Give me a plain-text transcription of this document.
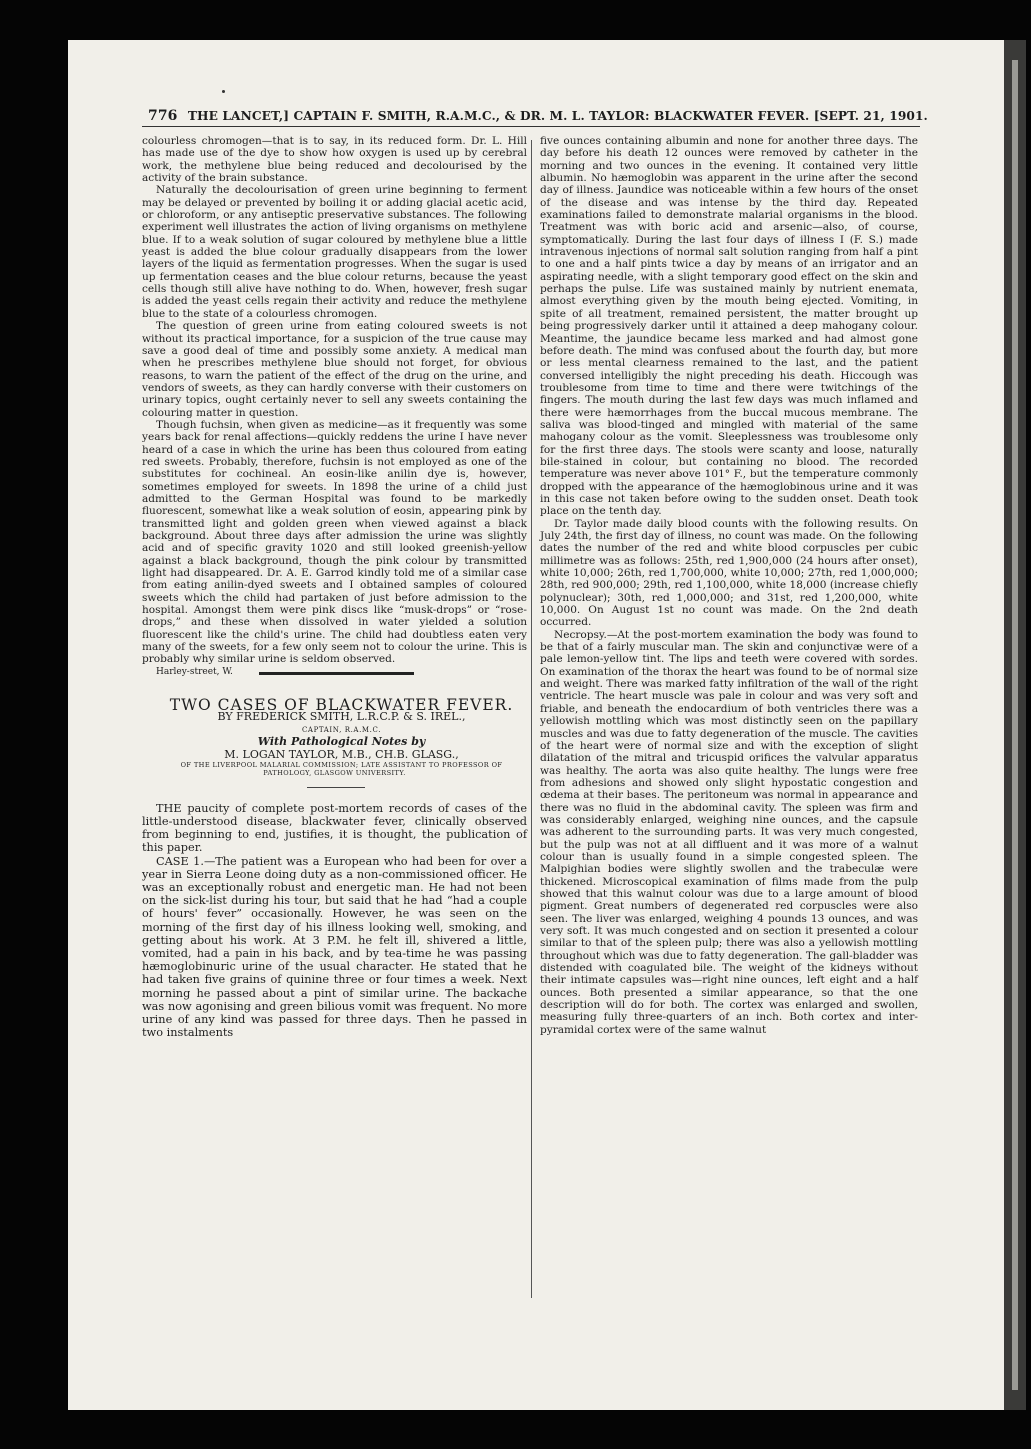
776 THE LANCET,] CAPTAIN F. SMITH, R.A.M.C., & DR. M. L. TAYLOR: BLACKWATER FEVER. [SEPT. 21, 1901.

colourless chromogen—that is to say, in its reduced form. Dr. L. Hill has made use of the dye to show how oxygen is used up by cerebral work, the methylene blue being reduced and decolourised by the activity of the brain substance.

Naturally the decolourisation of green urine beginning to ferment may be delayed or prevented by boiling it or adding glacial acetic acid, or chloroform, or any antiseptic preservative substances. The following experiment well illustrates the action of living organisms on methylene blue. If to a weak solution of sugar coloured by methylene blue a little yeast is added the blue colour gradually disappears from the lower layers of the liquid as fermentation progresses. When the sugar is used up fermentation ceases and the blue colour returns, because the yeast cells though still alive have nothing to do. When, however, fresh sugar is added the yeast cells regain their activity and reduce the methylene blue to the state of a colourless chromogen.

The question of green urine from eating coloured sweets is not without its practical importance, for a suspicion of the true cause may save a good deal of time and possibly some anxiety. A medical man when he prescribes methylene blue should not forget, for obvious reasons, to warn the patient of the effect of the drug on the urine, and vendors of sweets, as they can hardly converse with their customers on urinary topics, ought certainly never to sell any sweets containing the colouring matter in question.

Though fuchsin, when given as medicine—as it frequently was some years back for renal affections—quickly reddens the urine I have never heard of a case in which the urine has been thus coloured from eating red sweets. Probably, therefore, fuchsin is not employed as one of the substitutes for cochineal. An eosin-like anilin dye is, however, sometimes employed for sweets. In 1898 the urine of a child just admitted to the German Hospital was found to be markedly fluorescent, somewhat like a weak solution of eosin, appearing pink by transmitted light and golden green when viewed against a black background. About three days after admission the urine was slightly acid and of specific gravity 1020 and still looked greenish-yellow against a black background, though the pink colour by transmitted light had disappeared. Dr. A. E. Garrod kindly told me of a similar case from eating anilin-dyed sweets and I obtained samples of coloured sweets which the child had partaken of just before admission to the hospital. Amongst them were pink discs like “musk-drops” or “rose-drops,” and these when dissolved in water yielded a solution fluorescent like the child's urine. The child had doubtless eaten very many of the sweets, for a few only seem not to colour the urine. This is probably why similar urine is seldom observed.

Harley-street, W.

TWO CASES OF BLACKWATER FEVER.

BY FREDERICK SMITH, L.R.C.P. & S. IREL.,

CAPTAIN, R.A.M.C.

With Pathological Notes by

M. LOGAN TAYLOR, M.B., CH.B. GLASG.,

OF THE LIVERPOOL MALARIAL COMMISSION; LATE ASSISTANT TO PROFESSOR OF PATHOLOGY, GLASGOW UNIVERSITY.

THE paucity of complete post-mortem records of cases of the little-understood disease, blackwater fever, clinically observed from beginning to end, justifies, it is thought, the publication of this paper.

CASE 1.—The patient was a European who had been for over a year in Sierra Leone doing duty as a non-commissioned officer. He was an exceptionally robust and energetic man. He had not been on the sick-list during his tour, but said that he had “had a couple of hours' fever” occasionally. However, he was seen on the morning of the first day of his illness looking well, smoking, and getting about his work. At 3 P.M. he felt ill, shivered a little, vomited, had a pain in his back, and by tea-time he was passing hæmoglobinuric urine of the usual character. He stated that he had taken five grains of quinine three or four times a week. Next morning he passed about a pint of similar urine. The backache was now agonising and green bilious vomit was frequent. No more urine of any kind was passed for three days. Then he passed in two instalments

five ounces containing albumin and none for another three days. The day before his death 12 ounces were removed by catheter in the morning and two ounces in the evening. It contained very little albumin. No hæmoglobin was apparent in the urine after the second day of illness. Jaundice was noticeable within a few hours of the onset of the disease and was intense by the third day. Repeated examinations failed to demonstrate malarial organisms in the blood. Treatment was with boric acid and arsenic—also, of course, symptomatically. During the last four days of illness I (F. S.) made intravenous injections of normal salt solution ranging from half a pint to one and a half pints twice a day by means of an irrigator and an aspirating needle, with a slight temporary good effect on the skin and perhaps the pulse. Life was sustained mainly by nutrient enemata, almost everything given by the mouth being ejected. Vomiting, in spite of all treatment, remained persistent, the matter brought up being progressively darker until it attained a deep mahogany colour. Meantime, the jaundice became less marked and had almost gone before death. The mind was confused about the fourth day, but more or less mental clearness remained to the last, and the patient conversed intelligibly the night preceding his death. Hiccough was troublesome from time to time and there were twitchings of the fingers. The mouth during the last few days was much inflamed and there were hæmorrhages from the buccal mucous membrane. The saliva was blood-tinged and mingled with material of the same mahogany colour as the vomit. Sleeplessness was troublesome only for the first three days. The stools were scanty and loose, naturally bile-stained in colour, but containing no blood. The recorded temperature was never above 101° F., but the temperature commonly dropped with the appearance of the hæmoglobinous urine and it was in this case not taken before owing to the sudden onset. Death took place on the tenth day.

Dr. Taylor made daily blood counts with the following results. On July 24th, the first day of illness, no count was made. On the following dates the number of the red and white blood corpuscles per cubic millimetre was as follows: 25th, red 1,900,000 (24 hours after onset), white 10,000; 26th, red 1,700,000, white 10,000; 27th, red 1,000,000; 28th, red 900,000; 29th, red 1,100,000, white 18,000 (increase chiefly polynuclear); 30th, red 1,000,000; and 31st, red 1,200,000, white 10,000. On August 1st no count was made. On the 2nd death occurred.

Necropsy.—At the post-mortem examination the body was found to be that of a fairly muscular man. The skin and conjunctivæ were of a pale lemon-yellow tint. The lips and teeth were covered with sordes. On examination of the thorax the heart was found to be of normal size and weight. There was marked fatty infiltration of the wall of the right ventricle. The heart muscle was pale in colour and was very soft and friable, and beneath the endocardium of both ventricles there was a yellowish mottling which was most distinctly seen on the papillary muscles and was due to fatty degeneration of the muscle. The cavities of the heart were of normal size and with the exception of slight dilatation of the mitral and tricuspid orifices the valvular apparatus was healthy. The aorta was also quite healthy. The lungs were free from adhesions and showed only slight hypostatic congestion and œdema at their bases. The peritoneum was normal in appearance and there was no fluid in the abdominal cavity. The spleen was firm and was considerably enlarged, weighing nine ounces, and the capsule was adherent to the surrounding parts. It was very much congested, but the pulp was not at all diffluent and it was more of a walnut colour than is usually found in a simple congested spleen. The Malpighian bodies were slightly swollen and the trabeculæ were thickened. Microscopical examination of films made from the pulp showed that this walnut colour was due to a large amount of blood pigment. Great numbers of degenerated red corpuscles were also seen. The liver was enlarged, weighing 4 pounds 13 ounces, and was very soft. It was much congested and on section it presented a colour similar to that of the spleen pulp; there was also a yellowish mottling throughout which was due to fatty degeneration. The gall-bladder was distended with coagulated bile. The weight of the kidneys without their intimate capsules was—right nine ounces, left eight and a half ounces. Both presented a similar appearance, so that the one description will do for both. The cortex was enlarged and swollen, measuring fully three-quarters of an inch. Both cortex and inter-pyramidal cortex were of the same walnut
